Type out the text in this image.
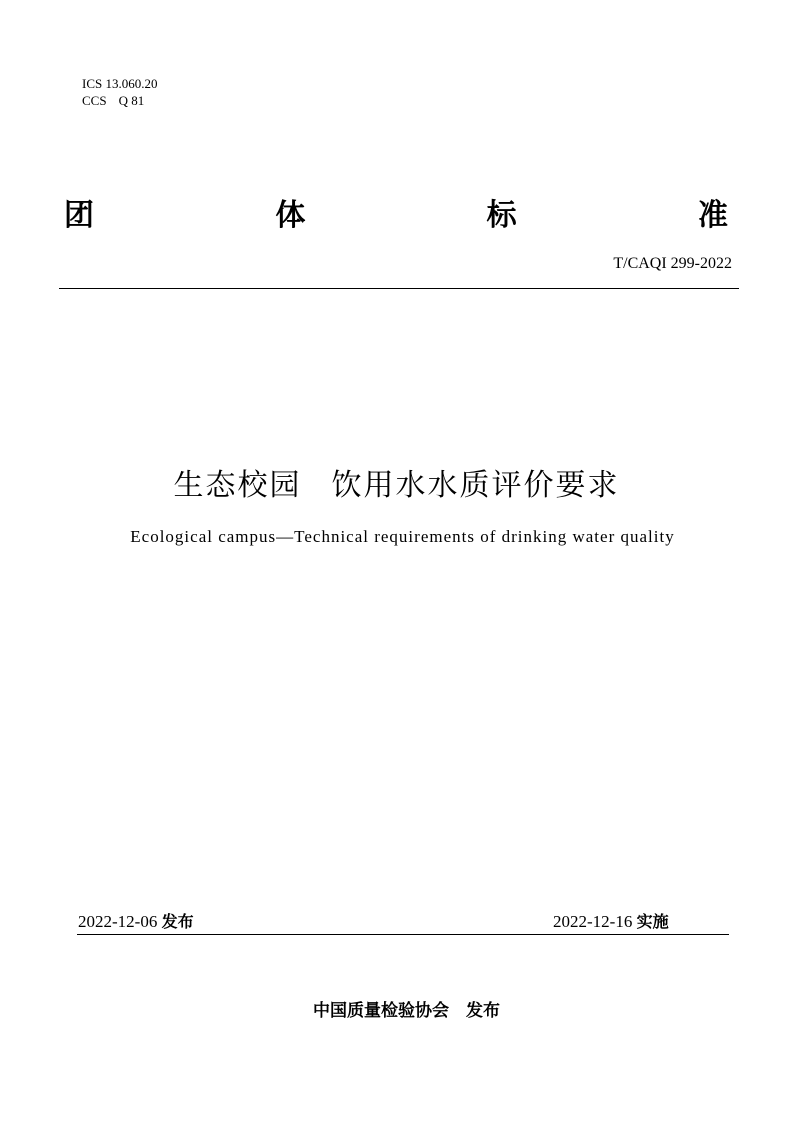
ICS 13.060.20
CCS Q 81
团	体	标	准
T/CAQI 299-2022
生态校园 饮用水水质评价要求
Ecological campus—Technical requirements of drinking water quality
2022-12-06 发布	2022-12-16 实施
中国质量检验协会 发布
